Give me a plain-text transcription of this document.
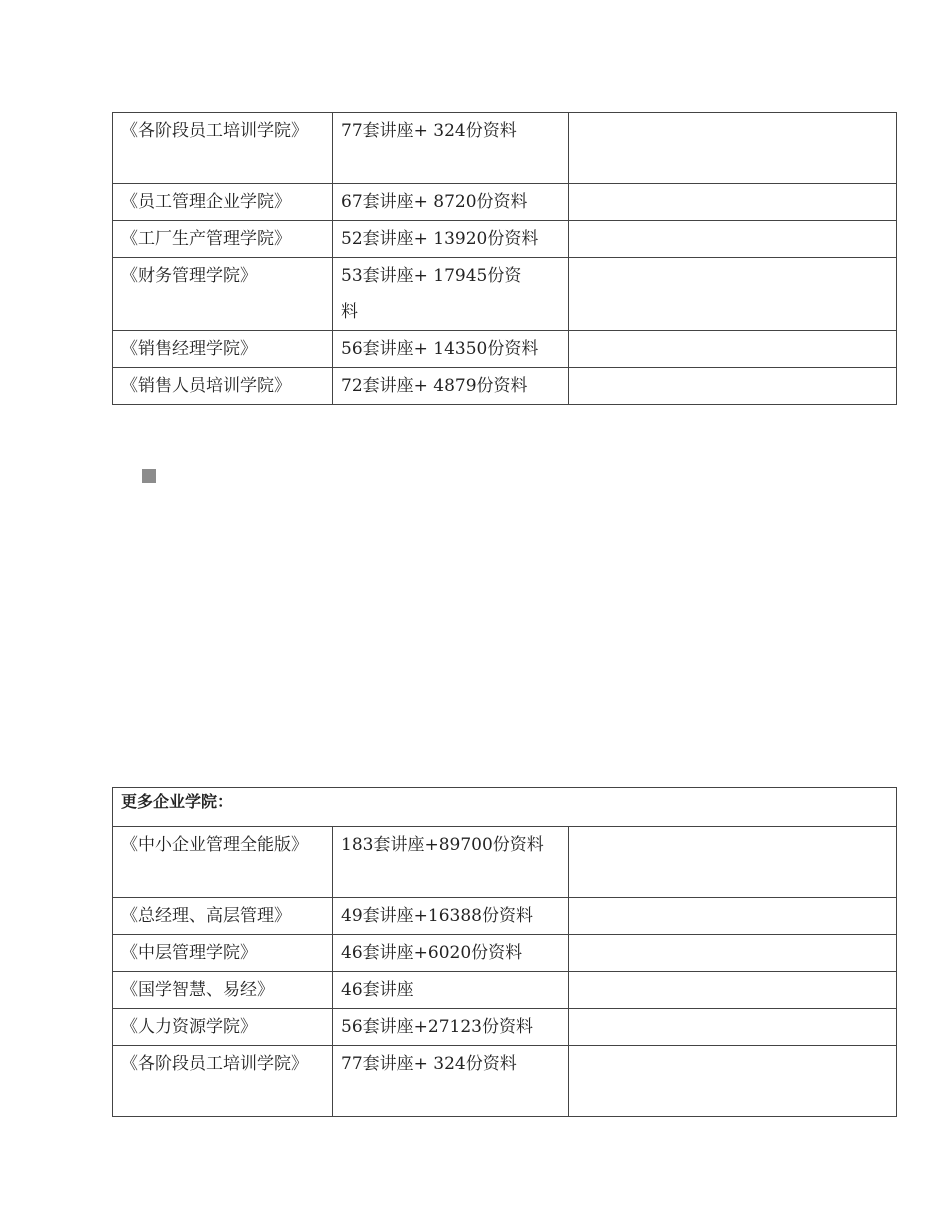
《各阶段员工培训学院》	77套讲座+ 324份资料	
《员工管理企业学院》	67套讲座+ 8720份资料	
《工厂生产管理学院》	52套讲座+ 13920份资料	
《财务管理学院》	53套讲座+ 17945份资料	
《销售经理学院》	56套讲座+ 14350份资料	
《销售人员培训学院》	72套讲座+ 4879份资料	
更多企业学院：		
《中小企业管理全能版》	183套讲座+89700份资料	
《总经理、高层管理》	49套讲座+16388份资料	
《中层管理学院》	46套讲座+6020份资料	
《国学智慧、易经》	46套讲座	
《人力资源学院》	56套讲座+27123份资料	
《各阶段员工培训学院》	77套讲座+ 324份资料	
